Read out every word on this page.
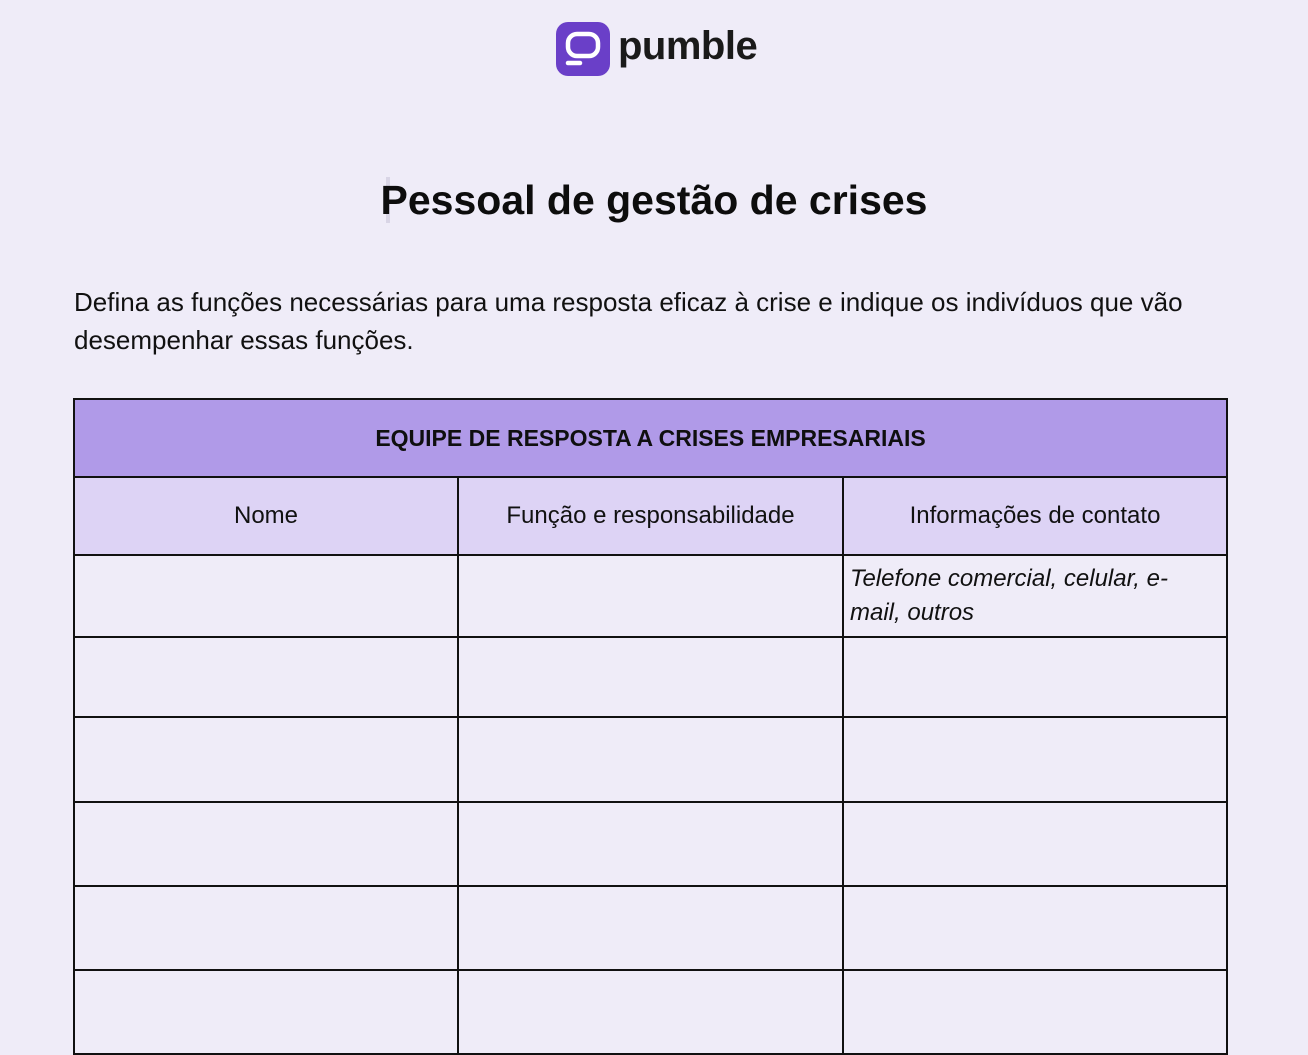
pumble
Pessoal de gestão de crises

Defina as funções necessárias para uma resposta eficaz à crise e indique os indivíduos que vão desempenhar essas funções.

EQUIPE DE RESPOSTA A CRISES EMPRESARIAIS		
Nome	Função e responsabilidade	Informações de contato

		Telefone comercial, celular, e-mail, outros
